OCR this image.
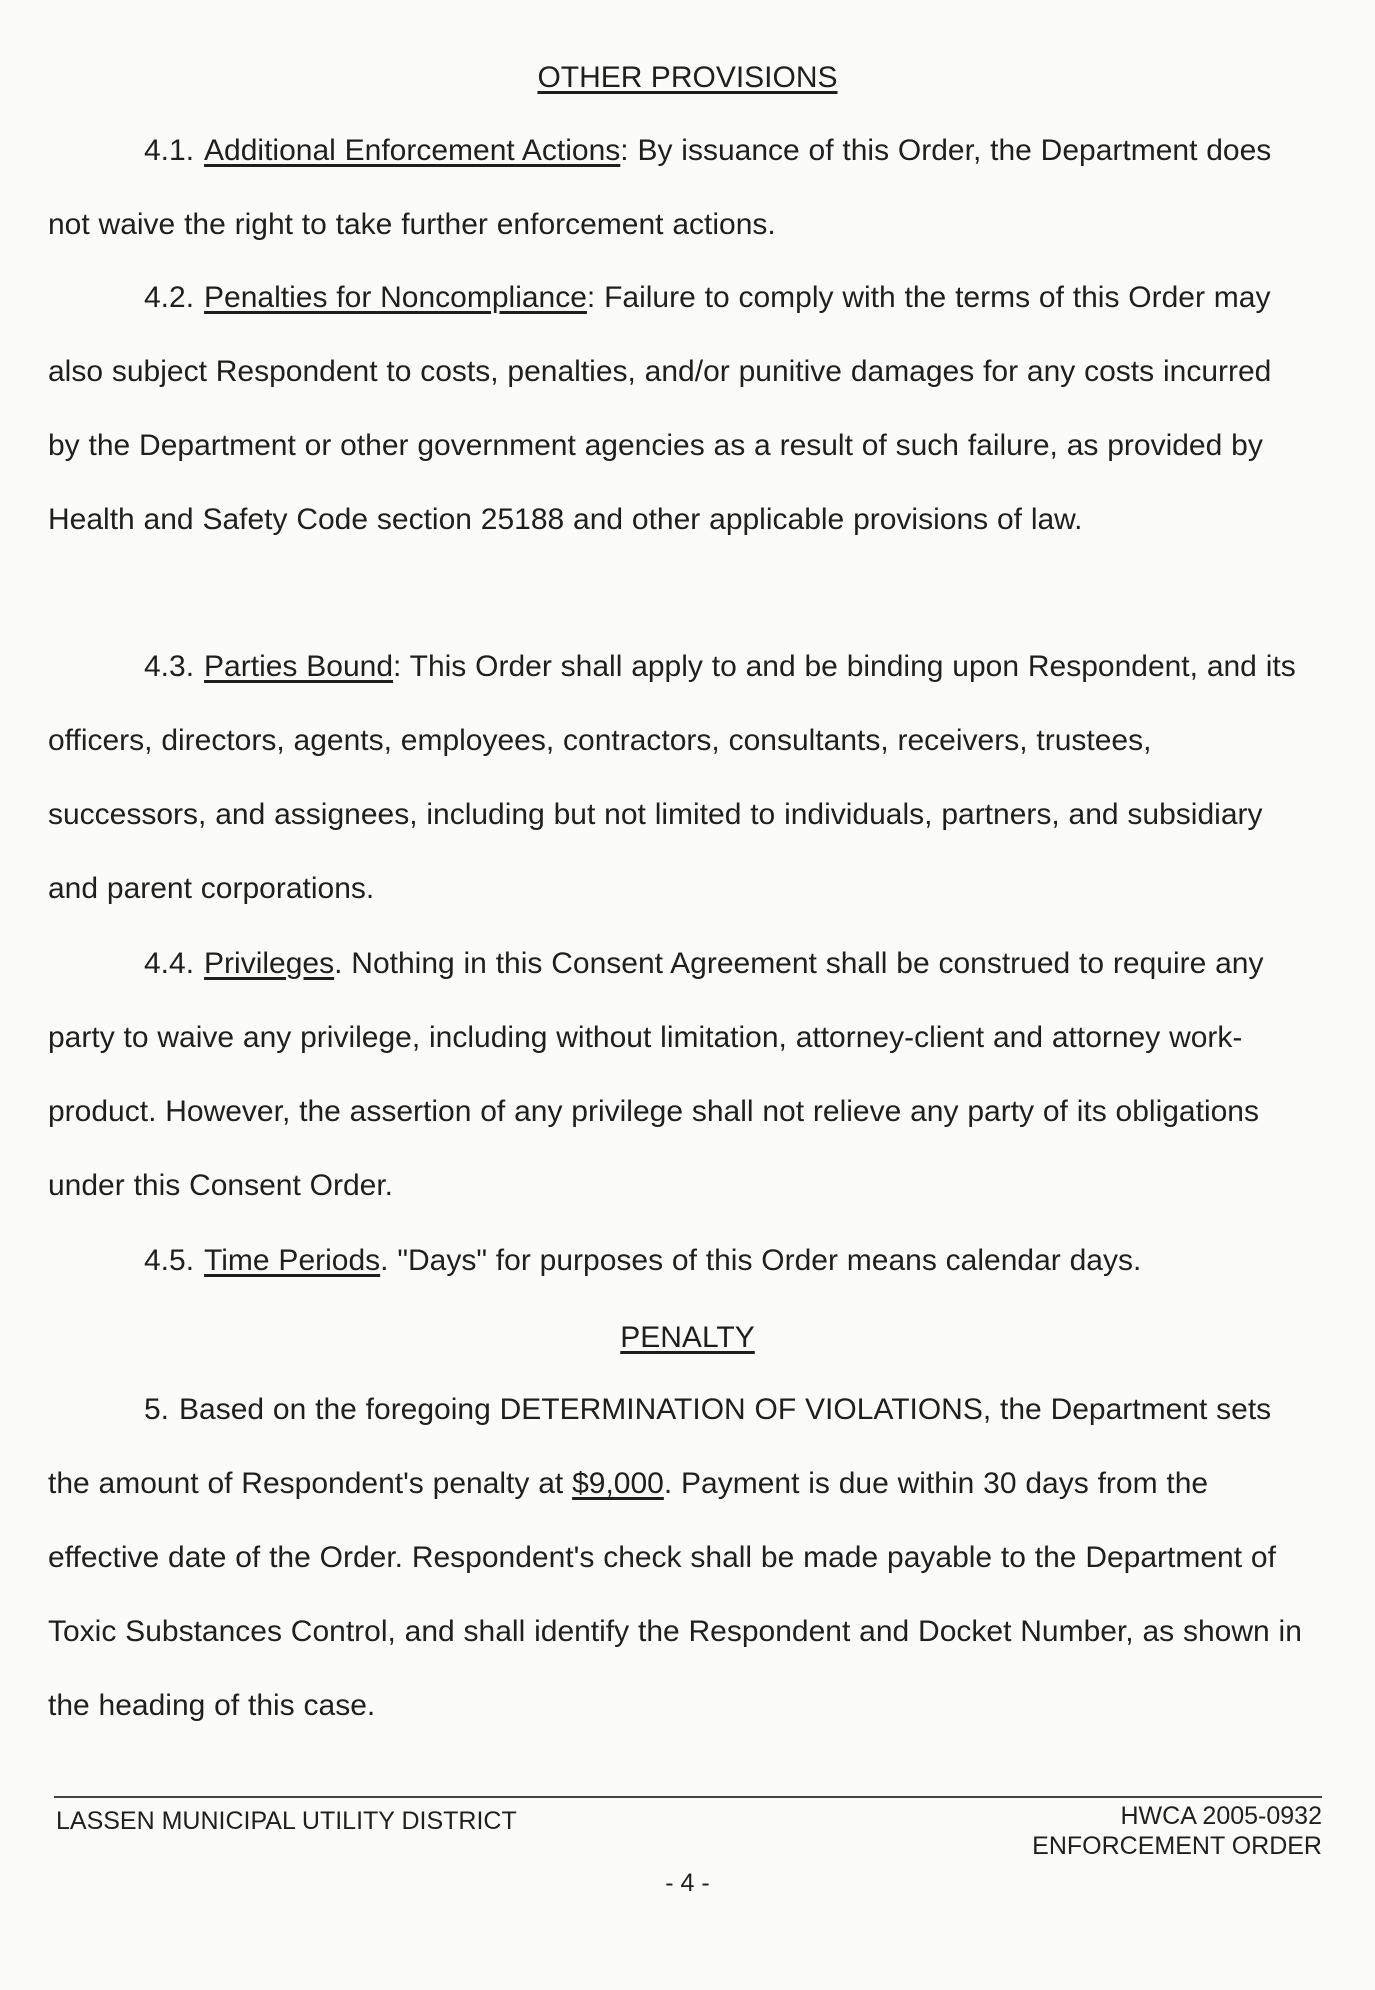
OTHER PROVISIONS

4.1. Additional Enforcement Actions: By issuance of this Order, the Department does not waive the right to take further enforcement actions.

4.2. Penalties for Noncompliance: Failure to comply with the terms of this Order may also subject Respondent to costs, penalties, and/or punitive damages for any costs incurred by the Department or other government agencies as a result of such failure, as provided by Health and Safety Code section 25188 and other applicable provisions of law.

4.3. Parties Bound: This Order shall apply to and be binding upon Respondent, and its officers, directors, agents, employees, contractors, consultants, receivers, trustees, successors, and assignees, including but not limited to individuals, partners, and subsidiary and parent corporations.

4.4. Privileges. Nothing in this Consent Agreement shall be construed to require any party to waive any privilege, including without limitation, attorney-client and attorney work-product. However, the assertion of any privilege shall not relieve any party of its obligations under this Consent Order.

4.5. Time Periods. "Days" for purposes of this Order means calendar days.

PENALTY

5. Based on the foregoing DETERMINATION OF VIOLATIONS, the Department sets the amount of Respondent's penalty at $9,000. Payment is due within 30 days from the effective date of the Order. Respondent's check shall be made payable to the Department of Toxic Substances Control, and shall identify the Respondent and Docket Number, as shown in the heading of this case.

LASSEN MUNICIPAL UTILITY DISTRICT	HWCA 2005-0932
ENFORCEMENT ORDER
- 4 -
